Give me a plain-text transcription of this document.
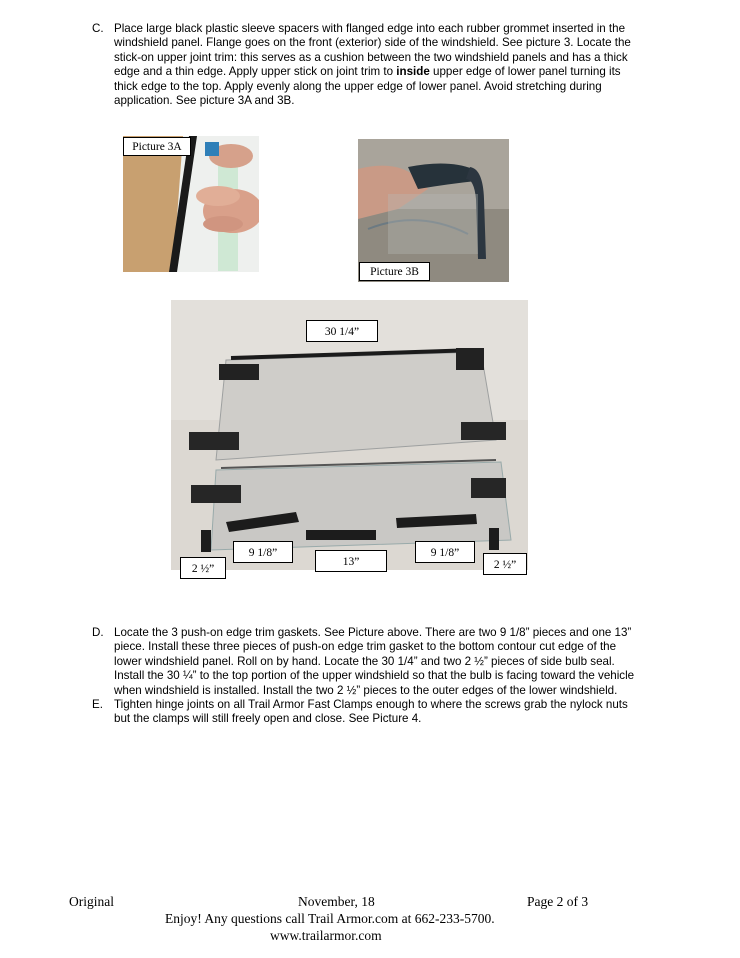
C. Place large black plastic sleeve spacers with flanged edge into each rubber grommet inserted in the
windshield panel. Flange goes on the front (exterior) side of the windshield. See picture 3. Locate the
stick-on upper joint trim: this serves as a cushion between the two windshield panels and has a thick
edge and a thin edge. Apply upper stick on joint trim to inside upper edge of lower panel turning its
thick edge to the top. Apply evenly along the upper edge of lower panel. Avoid stretching during
application. See picture 3A and 3B.
Picture 3A
Picture 3B
30 1/4”
9 1/8”
13”
9 1/8”
2 ½”	2 ½”
D. Locate the 3 push-on edge trim gaskets. See Picture above. There are two 9 1/8” pieces and one 13”
piece. Install these three pieces of push-on edge trim gasket to the bottom contour cut edge of the
lower windshield panel. Roll on by hand. Locate the 30 1/4” and two 2 ½” pieces of side bulb seal.
Install the 30 ¼” to the top portion of the upper windshield so that the bulb is facing toward the vehicle
when windshield is installed. Install the two 2 ½” pieces to the outer edges of the lower windshield.
E. Tighten hinge joints on all Trail Armor Fast Clamps enough to where the screws grab the nylock nuts
but the clamps will still freely open and close. See Picture 4.
Original	November, 18	Page 2 of 3
Enjoy! Any questions call Trail Armor.com at 662-233-5700.
www.trailarmor.com
